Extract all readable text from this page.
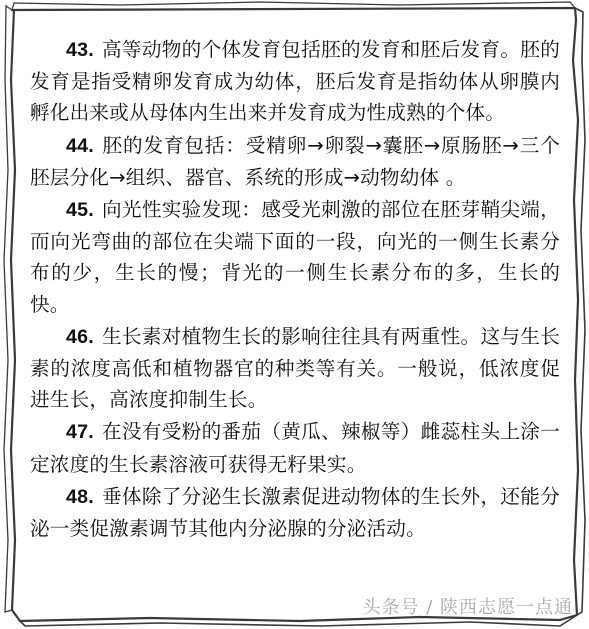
43. 高等动物的个体发育包括胚的发育和胚后发育。胚的发育是指受精卵发育成为幼体，胚后发育是指幼体从卵膜内孵化出来或从母体内生出来并发育成为性成熟的个体。

44. 胚的发育包括：受精卵→卵裂→囊胚→原肠胚→三个胚层分化→组织、器官、系统的形成→动物幼体 。

45. 向光性实验发现：感受光刺激的部位在胚芽鞘尖端，而向光弯曲的部位在尖端下面的一段，向光的一侧生长素分布的少，生长的慢；背光的一侧生长素分布的多，生长的快。

46. 生长素对植物生长的影响往往具有两重性。这与生长素的浓度高低和植物器官的种类等有关。一般说，低浓度促进生长，高浓度抑制生长。

47. 在没有受粉的番茄（黄瓜、辣椒等）雌蕊柱头上涂一定浓度的生长素溶液可获得无籽果实。

48. 垂体除了分泌生长激素促进动物体的生长外，还能分泌一类促激素调节其他内分泌腺的分泌活动。

头条号 / 陕西志愿一点通
